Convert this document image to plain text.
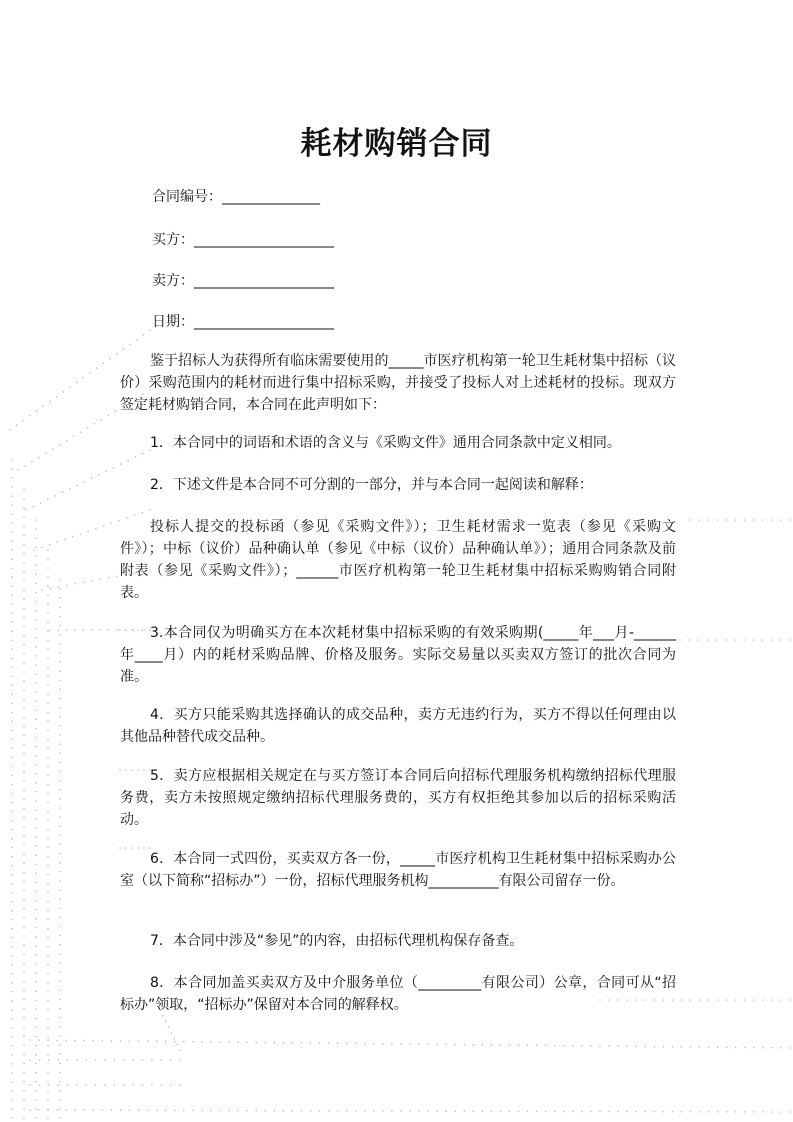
耗材购销合同
合同编号：______________
买方：____________________
卖方：____________________
日期：____________________
鉴于招标人为获得所有临床需要使用的_____市医疗机构第一轮卫生耗材集中招标（议价）采购范围内的耗材而进行集中招标采购，并接受了投标人对上述耗材的投标。现双方签定耗材购销合同，本合同在此声明如下：
1．本合同中的词语和术语的含义与《采购文件》通用合同条款中定义相同。
2．下述文件是本合同不可分割的一部分，并与本合同一起阅读和解释：
投标人提交的投标函（参见《采购文件》）；卫生耗材需求一览表（参见《采购文件》）；中标（议价）品种确认单（参见《中标（议价）品种确认单》）；通用合同条款及前附表（参见《采购文件》）；______市医疗机构第一轮卫生耗材集中招标采购购销合同附表。
3.本合同仅为明确买方在本次耗材集中招标采购的有效采购期(_____年___月-______年____月）内的耗材采购品牌、价格及服务。实际交易量以买卖双方签订的批次合同为准。
4．买方只能采购其选择确认的成交品种，卖方无违约行为，买方不得以任何理由以其他品种替代成交品种。
5．卖方应根据相关规定在与买方签订本合同后向招标代理服务机构缴纳招标代理服务费，卖方未按照规定缴纳招标代理服务费的，买方有权拒绝其参加以后的招标采购活动。
6．本合同一式四份，买卖双方各一份，_____市医疗机构卫生耗材集中招标采购办公室（以下简称“招标办”）一份，招标代理服务机构__________有限公司留存一份。
7．本合同中涉及“参见”的内容，由招标代理机构保存备查。
8．本合同加盖买卖双方及中介服务单位（_________有限公司）公章，合同可从“招标办”领取，“招标办”保留对本合同的解释权。
